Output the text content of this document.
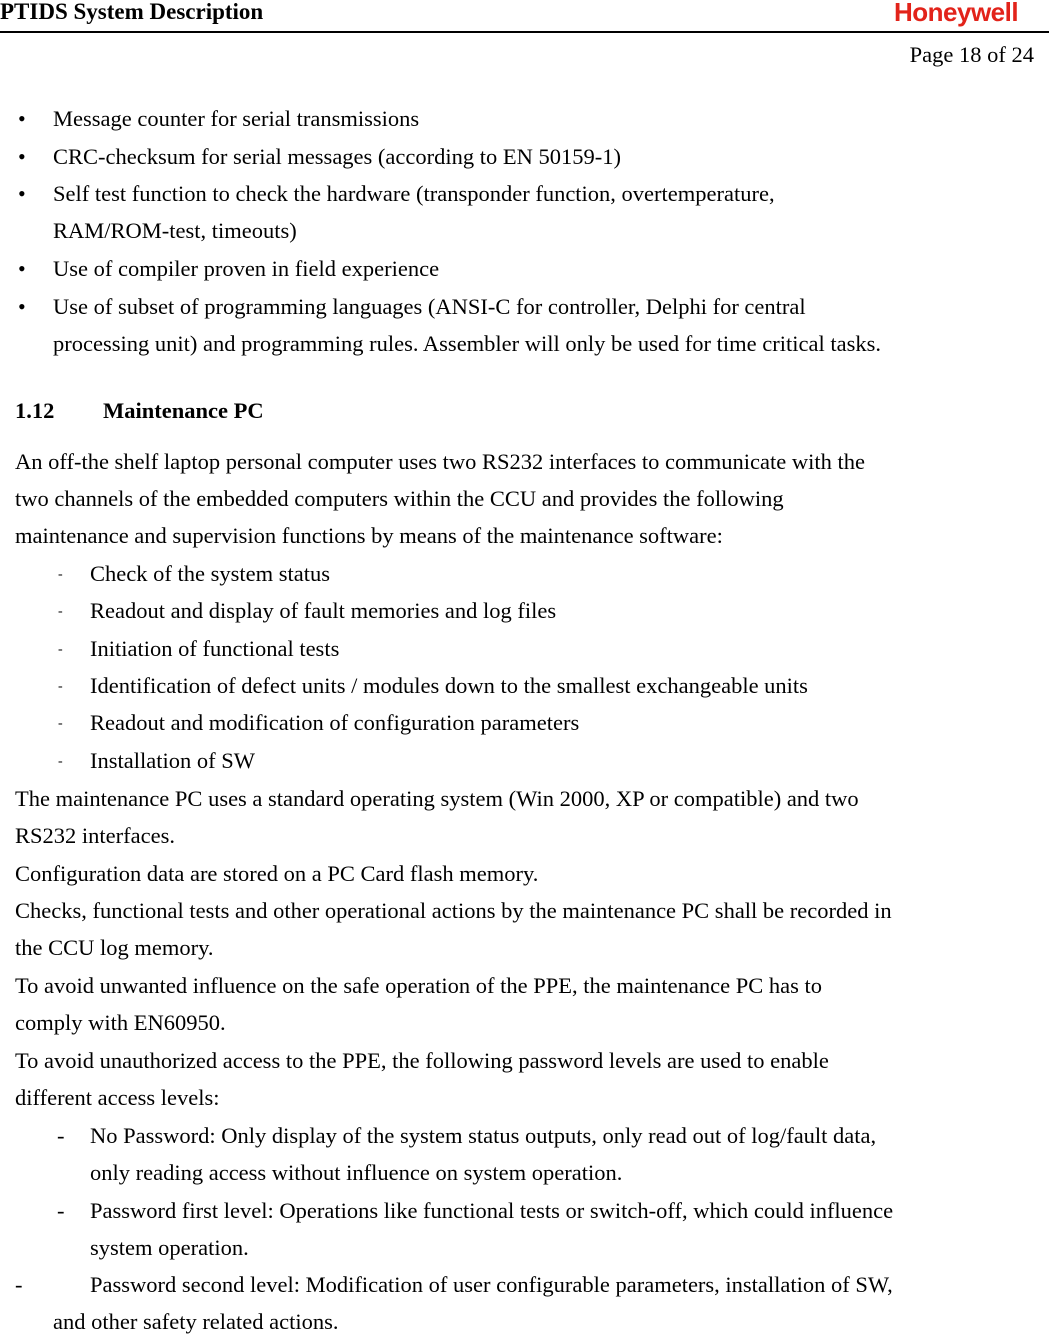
PTIDS System Description	Honeywell
Page 18 of 24
• Message counter for serial transmissions
• CRC-checksum for serial messages (according to EN 50159-1)
• Self test function to check the hardware (transponder function, overtemperature,
RAM/ROM-test, timeouts)
• Use of compiler proven in field experience
• Use of subset of programming languages (ANSI-C for controller, Delphi for central
processing unit) and programming rules. Assembler will only be used for time critical tasks.
1.12 Maintenance PC
An off-the shelf laptop personal computer uses two RS232 interfaces to communicate with the
two channels of the embedded computers within the CCU and provides the following
maintenance and supervision functions by means of the maintenance software:
- Check of the system status
- Readout and display of fault memories and log files
- Initiation of functional tests
- Identification of defect units / modules down to the smallest exchangeable units
- Readout and modification of configuration parameters
- Installation of SW
The maintenance PC uses a standard operating system (Win 2000, XP or compatible) and two
RS232 interfaces.
Configuration data are stored on a PC Card flash memory.
Checks, functional tests and other operational actions by the maintenance PC shall be recorded in
the CCU log memory.
To avoid unwanted influence on the safe operation of the PPE, the maintenance PC has to
comply with EN60950.
To avoid unauthorized access to the PPE, the following password levels are used to enable
different access levels:
- No Password: Only display of the system status outputs, only read out of log/fault data,
only reading access without influence on system operation.
- Password first level: Operations like functional tests or switch-off, which could influence
system operation.
-	Password second level: Modification of user configurable parameters, installation of SW,
and other safety related actions.
